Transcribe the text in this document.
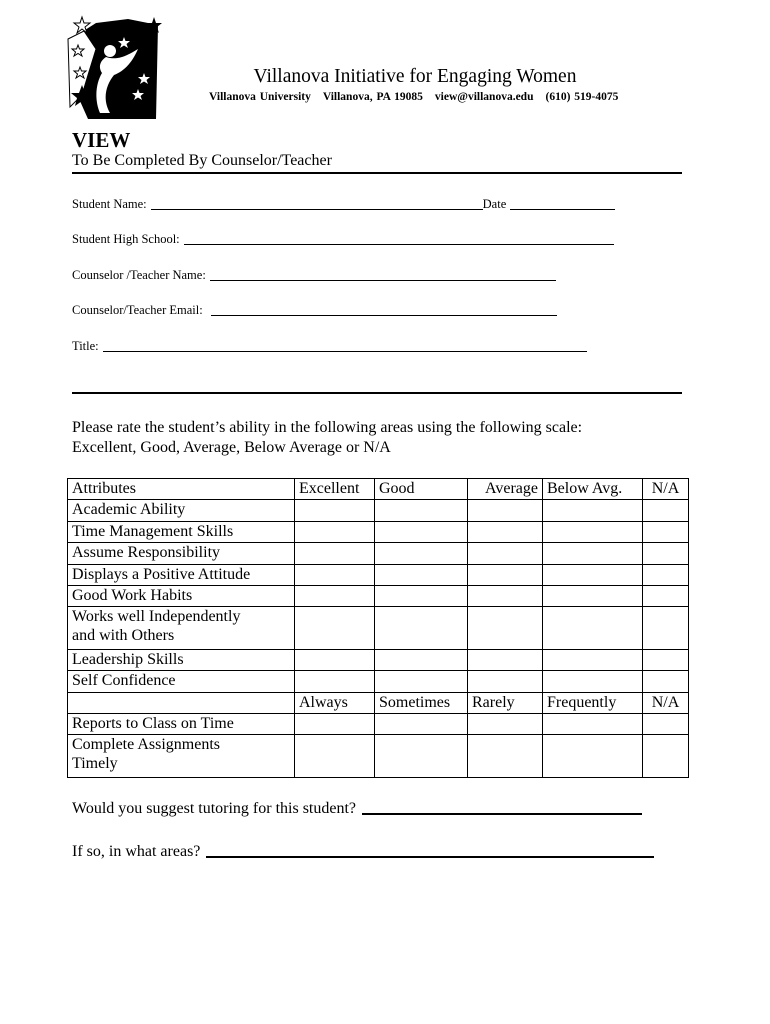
Villanova Initiative for Engaging Women
Villanova University Villanova, PA 19085 view@villanova.edu (610) 519-4075
VIEW
To Be Completed By Counselor/Teacher
Student Name:	Date
Student High School:
Counselor /Teacher Name:
Counselor/Teacher Email:
Title:
Please rate the student’s ability in the following areas using the following scale:
Excellent, Good, Average, Below Average or N/A
Attributes	Excellent	Good	Average	Below Avg.	N/A
Academic Ability					
Time Management Skills					
Assume Responsibility					
Displays a Positive Attitude					
Good Work Habits					

Works well Independently
and with Others					

Leadership Skills					
Self Confidence					
	Always	Sometimes	Rarely	Frequently	N/A
Reports to Class on Time					

Complete Assignments
Timely					

Would you suggest tutoring for this student?
If so, in what areas?
